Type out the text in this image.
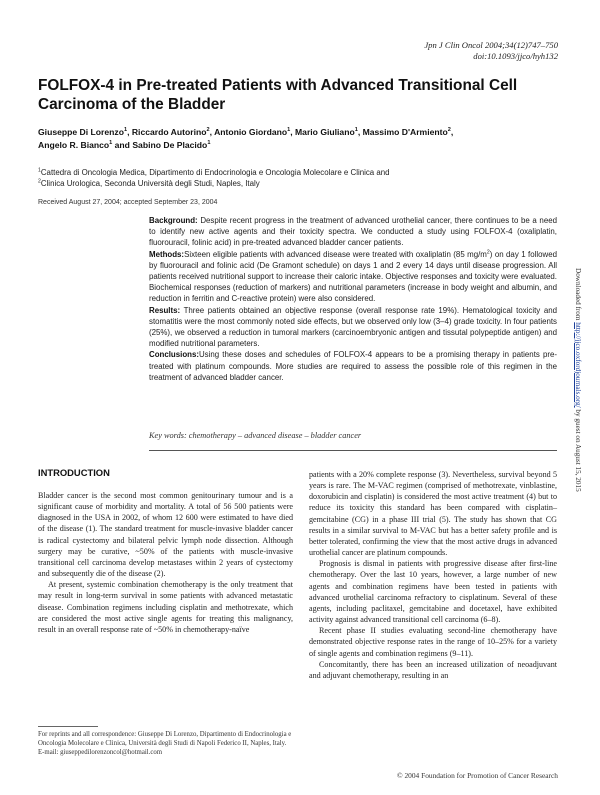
Jpn J Clin Oncol 2004;34(12)747–750
doi:10.1093/jjco/hyh132
FOLFOX-4 in Pre-treated Patients with Advanced Transitional Cell Carcinoma of the Bladder
Giuseppe Di Lorenzo$^1$, Riccardo Autorino$^2$, Antonio Giordano$^1$, Mario Giuliano$^1$, Massimo D'Armiento$^2$,
Angelo R. Bianco$^1$ and Sabino De Placido$^1$
$^1$Cattedra di Oncologia Medica, Dipartimento di Endocrinologia e Oncologia Molecolare e Clinica and
$^2$Clinica Urologica, Seconda Università degli Studi, Naples, Italy
Received August 27, 2004; accepted September 23, 2004

Background: Despite recent progress in the treatment of advanced urothelial cancer, there continues to be a need to identify new active agents and their toxicity spectra. We conducted a study using FOLFOX-4 (oxaliplatin, fluorouracil, folinic acid) in pre-treated advanced bladder cancer patients.

Methods:Sixteen eligible patients with advanced disease were treated with oxaliplatin (85 $mg/m^2$) on day 1 followed by fluorouracil and folinic acid (De Gramont schedule) on days 1 and 2 every 14 days until disease progression. All patients received nutritional support to increase their caloric intake. Objective responses and toxicity were evaluated. Biochemical responses (reduction of markers) and nutritional parameters (increase in body weight and albumin, and reduction in ferritin and C-reactive protein) were also considered.

Results: Three patients obtained an objective response (overall response rate 19%). Hematological toxicity and stomatitis were the most commonly noted side effects, but we observed only low (3–4) grade toxicity. In four patients (25%), we observed a reduction in tumoral markers (carcinoembryonic antigen and tissutal polypeptide antigen) and modified nutritional parameters.

Conclusions:Using these doses and schedules of FOLFOX-4 appears to be a promising therapy in patients pre-treated with platinum compounds. More studies are required to assess the possible role of this regimen in the treatment of advanced bladder cancer.

Key words: chemotherapy – advanced disease – bladder cancer
INTRODUCTION

Bladder cancer is the second most common genitourinary tumour and is a significant cause of morbidity and mortality. A total of 56 500 patients were diagnosed in the USA in 2002, of whom 12 600 were estimated to have died of the disease (1). The standard treatment for muscle-invasive bladder cancer is radical cystectomy and bilateral pelvic lymph node dissection. Although surgery may be curative, ~50% of the patients with muscle-invasive transitional cell carcinoma develop metastases within 2 years of cystectomy and subsequently die of the disease (2).

At present, systemic combination chemotherapy is the only treatment that may result in long-term survival in some patients with advanced metastatic disease. Combination regimens including cisplatin and methotrexate, which are considered the most active single agents for treating this malignancy, result in an overall response rate of ~50% in chemotherapy-naïve

patients with a 20% complete response (3). Nevertheless, survival beyond 5 years is rare. The M-VAC regimen (comprised of methotrexate, vinblastine, doxorubicin and cisplatin) is considered the most active treatment (4) but to reduce its toxicity this standard has been compared with cisplatin–gemcitabine (CG) in a phase III trial (5). The study has shown that CG results in a similar survival to M-VAC but has a better safety profile and is better tolerated, confirming the view that the most active drugs in advanced urothelial cancer are platinum compounds.

Prognosis is dismal in patients with progressive disease after first-line chemotherapy. Over the last 10 years, however, a large number of new agents and combination regimens have been tested in patients with advanced urothelial carcinoma refractory to cisplatinum. Several of these agents, including paclitaxel, gemcitabine and docetaxel, have exhibited activity against advanced transitional cell carcinoma (6–8).

Recent phase II studies evaluating second-line chemotherapy have demonstrated objective response rates in the range of 10–25% for a variety of single agents and combination regimens (9–11).

Concomitantly, there has been an increased utilization of neoadjuvant and adjuvant chemotherapy, resulting in an

For reprints and all correspondence: Giuseppe Di Lorenzo, Dipartimento di Endocrinologia e Oncologia Molecolare e Clinica, Università degli Studi di Napoli Federico II, Naples, Italy.
E-mail: giuseppedilorenzoncol@hotmail.com
© 2004 Foundation for Promotion of Cancer Research
Downloaded from http://jjco.oxfordjournals.org/ by guest on August 15, 2015
